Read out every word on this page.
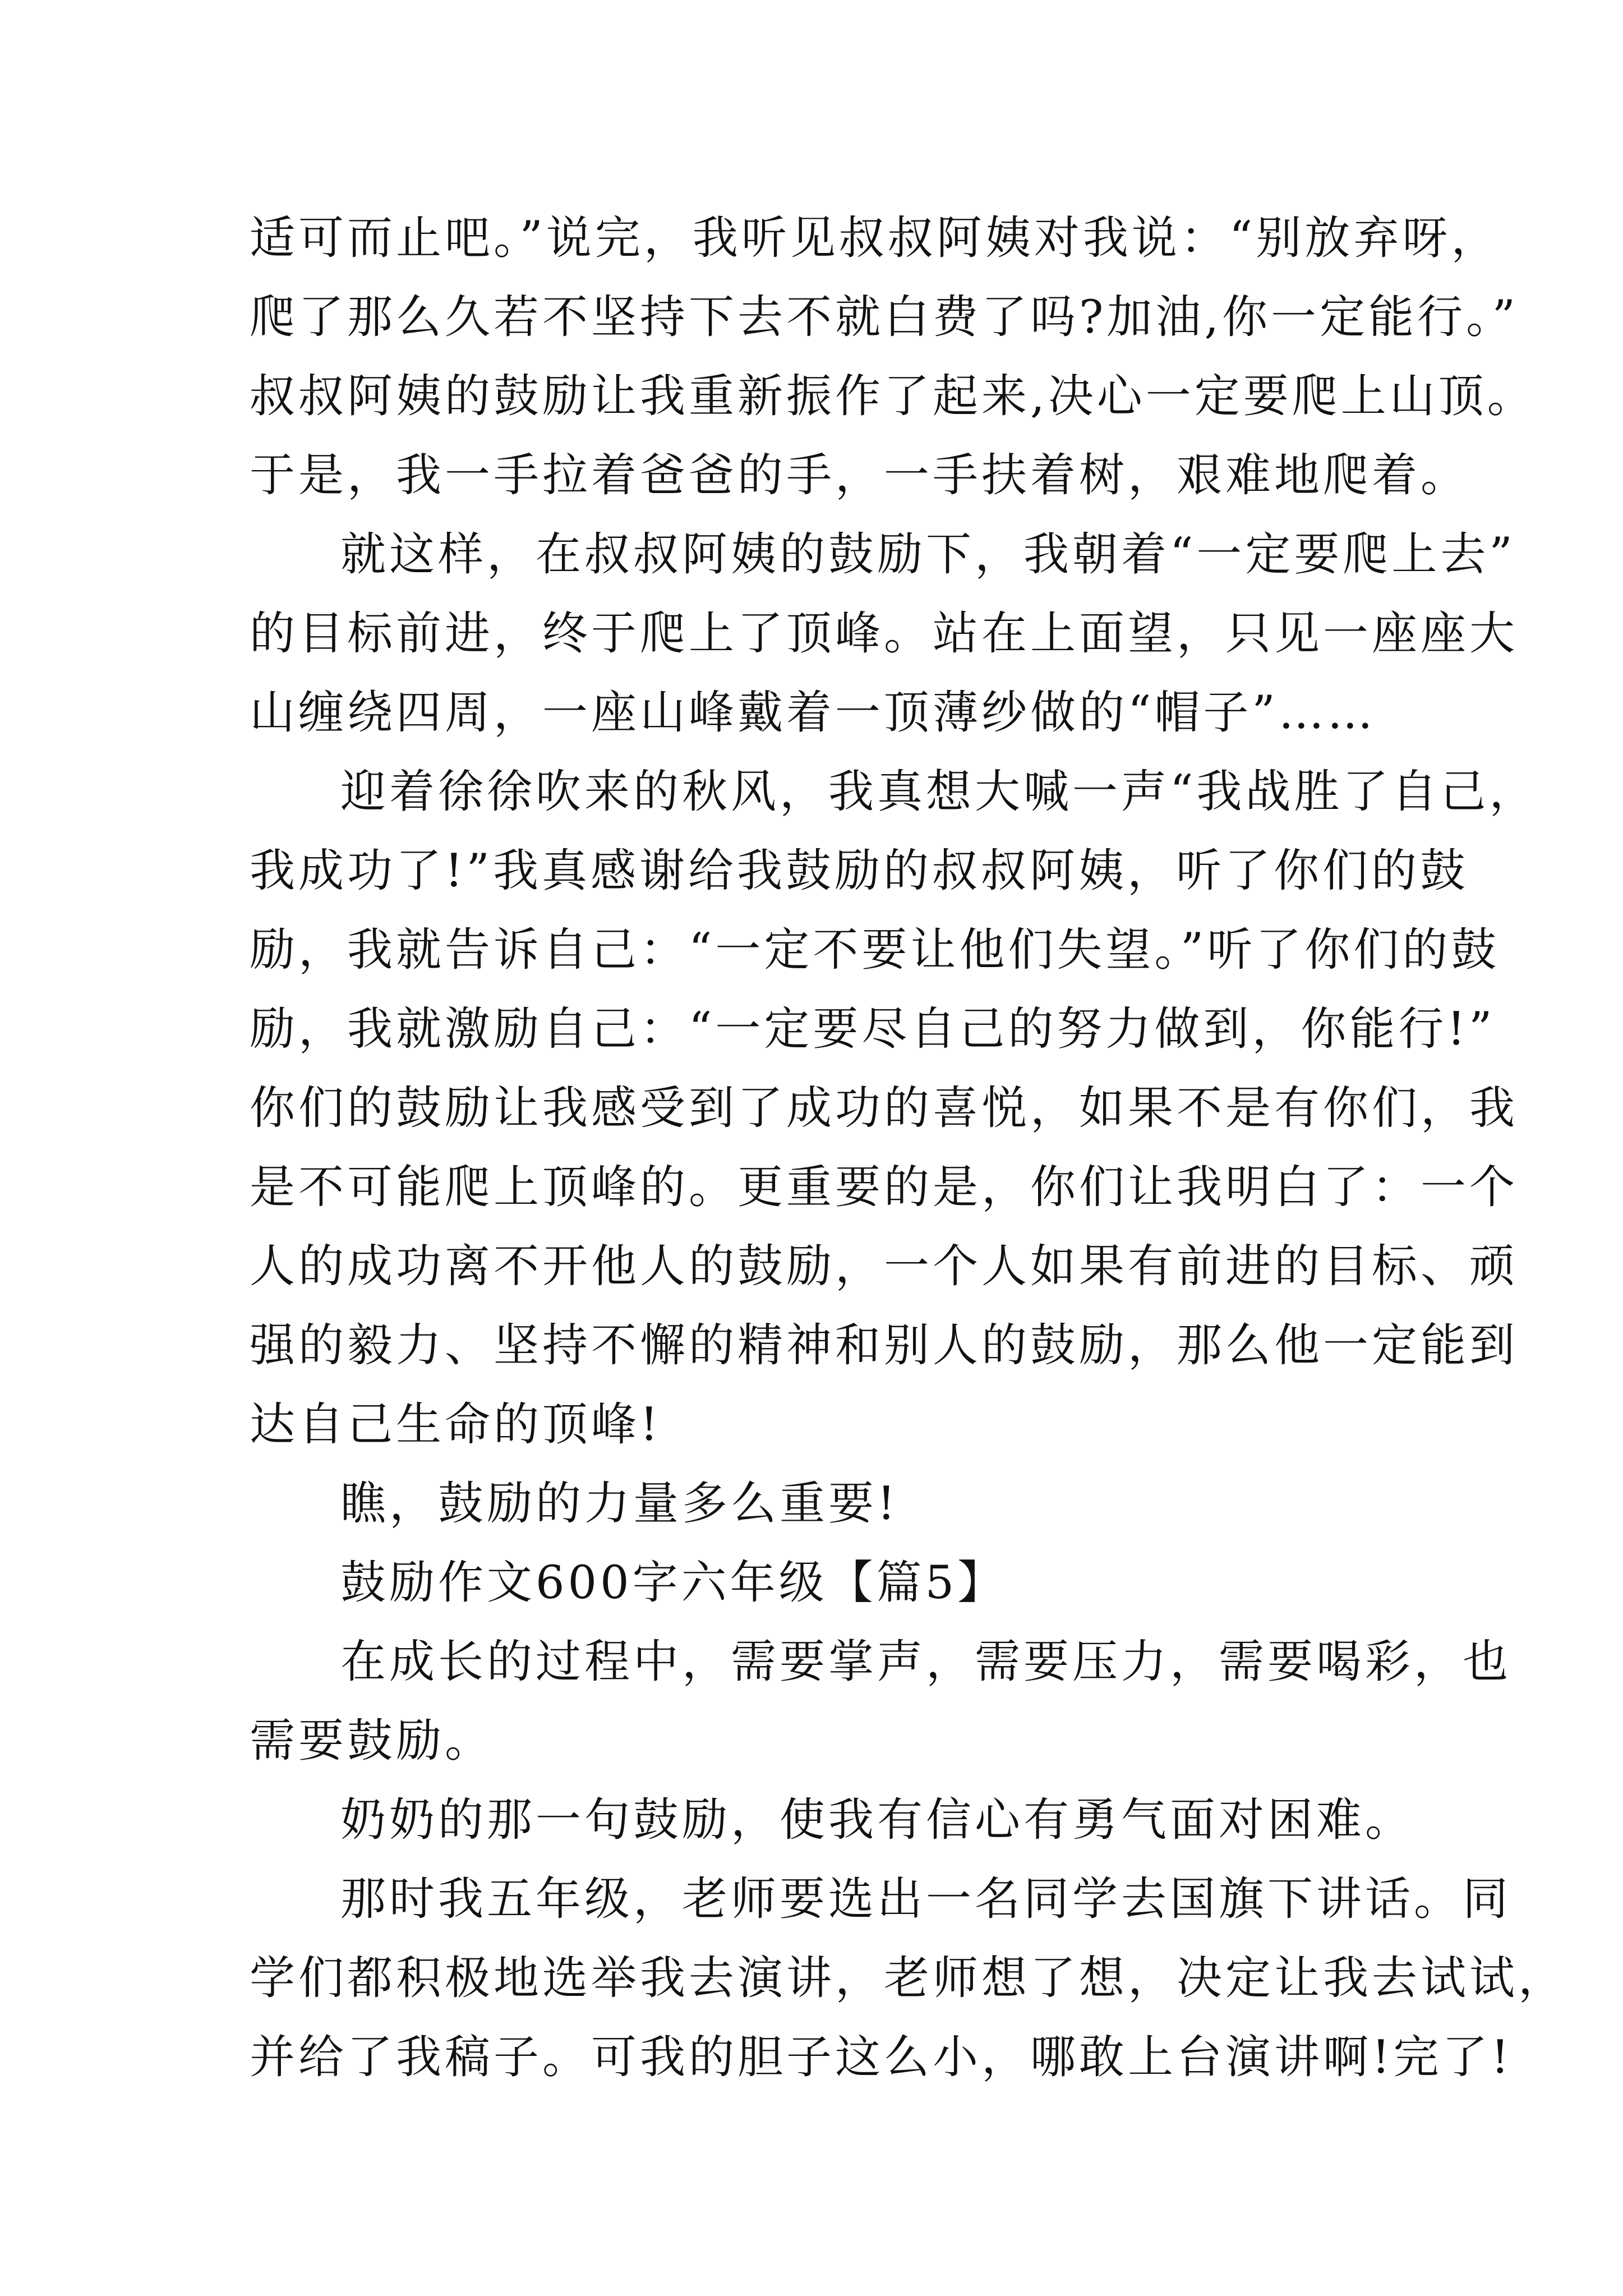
适可而止吧。”说完，我听见叔叔阿姨对我说：“别放弃呀，
爬了那么久若不坚持下去不就白费了吗?加油,你一定能行。”
叔叔阿姨的鼓励让我重新振作了起来,决心一定要爬上山顶。
于是，我一手拉着爸爸的手，一手扶着树，艰难地爬着。
就这样，在叔叔阿姨的鼓励下，我朝着“一定要爬上去”
的目标前进，终于爬上了顶峰。站在上面望，只见一座座大
山缠绕四周，一座山峰戴着一顶薄纱做的“帽子”……
迎着徐徐吹来的秋风，我真想大喊一声“我战胜了自己，
我成功了!”我真感谢给我鼓励的叔叔阿姨，听了你们的鼓
励，我就告诉自己：“一定不要让他们失望。”听了你们的鼓
励，我就激励自己：“一定要尽自己的努力做到，你能行!”
你们的鼓励让我感受到了成功的喜悦，如果不是有你们，我
是不可能爬上顶峰的。更重要的是，你们让我明白了：一个
人的成功离不开他人的鼓励，一个人如果有前进的目标、顽
强的毅力、坚持不懈的精神和别人的鼓励，那么他一定能到
达自己生命的顶峰!
瞧，鼓励的力量多么重要!
鼓励作文600字六年级【篇5】
在成长的过程中，需要掌声，需要压力，需要喝彩，也
需要鼓励。
奶奶的那一句鼓励，使我有信心有勇气面对困难。
那时我五年级，老师要选出一名同学去国旗下讲话。同
学们都积极地选举我去演讲，老师想了想，决定让我去试试，
并给了我稿子。可我的胆子这么小，哪敢上台演讲啊!完了!
